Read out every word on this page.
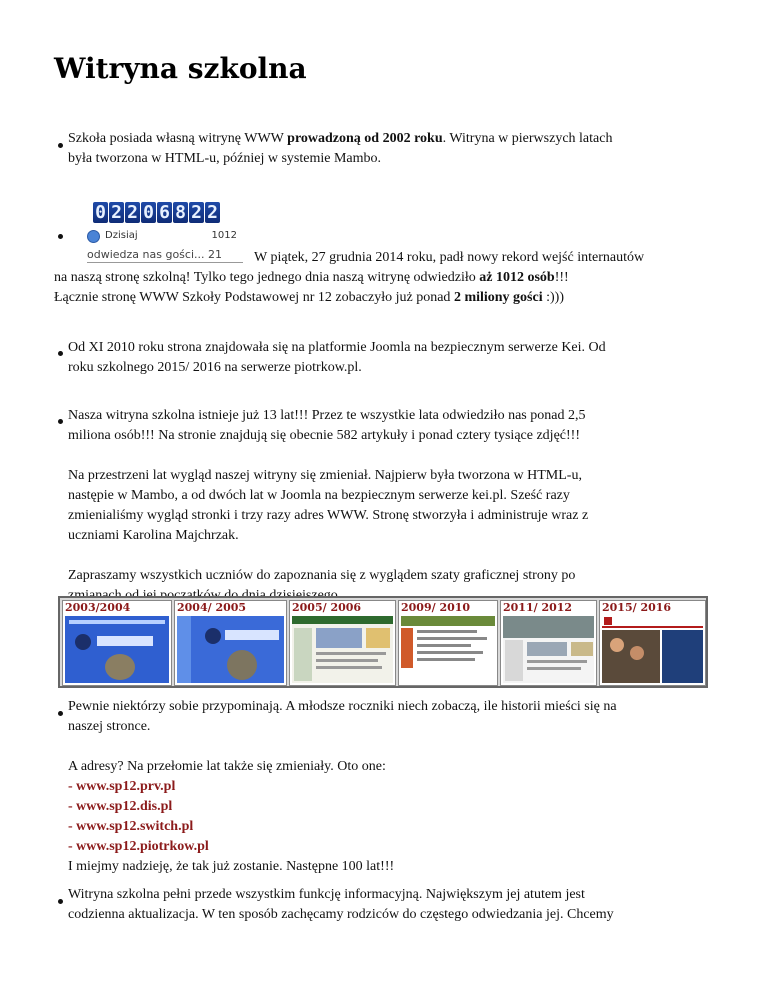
Witryna szkolna
Szkoła posiada własną witrynę WWW prowadzoną od 2002 roku. Witryna w pierwszych latach
była tworzona w HTML-u, później w systemie Mambo.
0 2 2 0 6 8 2 2
Dzisiaj	1012
odwiedza nas gości... 21	W piątek, 27 grudnia 2014 roku, padł nowy rekord wejść internautów
na naszą stronę szkolną! Tylko tego jednego dnia naszą witrynę odwiedziło aż 1012 osób!!!
Łącznie stronę WWW Szkoły Podstawowej nr 12 zobaczyło już ponad 2 miliony gości :)))
Od XI 2010 roku strona znajdowała się na platformie Joomla na bezpiecznym serwerze Kei. Od
roku szkolnego 2015/ 2016 na serwerze piotrkow.pl.
Nasza witryna szkolna istnieje już 13 lat!!! Przez te wszystkie lata odwiedziło nas ponad 2,5
miliona osób!!! Na stronie znajdują się obecnie 582 artykuły i ponad cztery tysiące zdjęć!!!
Na przestrzeni lat wygląd naszej witryny się zmieniał. Najpierw była tworzona w HTML-u,
następie w Mambo, a od dwóch lat w Joomla na bezpiecznym serwerze kei.pl. Sześć razy
zmienialiśmy wygląd stronki i trzy razy adres WWW. Stronę stworzyła i administruje wraz z
uczniami Karolina Majchrzak.
Zapraszamy wszystkich uczniów do zapoznania się z wyglądem szaty graficznej strony po
2003/2004	2004/ 2005	2005/ 2006	2009/ 2010	2011/ 2012	2015/ 2016
Pewnie niektórzy sobie przypominają. A młodsze roczniki niech zobaczą, ile historii mieści się na
naszej stronce.
A adresy? Na przełomie lat także się zmieniały. Oto one:
- www.sp12.prv.pl
- www.sp12.dis.pl
- www.sp12.switch.pl
- www.sp12.piotrkow.pl
I miejmy nadzieję, że tak już zostanie. Następne 100 lat!!!
Witryna szkolna pełni przede wszystkim funkcję informacyjną. Największym jej atutem jest
codzienna aktualizacja. W ten sposób zachęcamy rodziców do częstego odwiedzania jej. Chcemy
